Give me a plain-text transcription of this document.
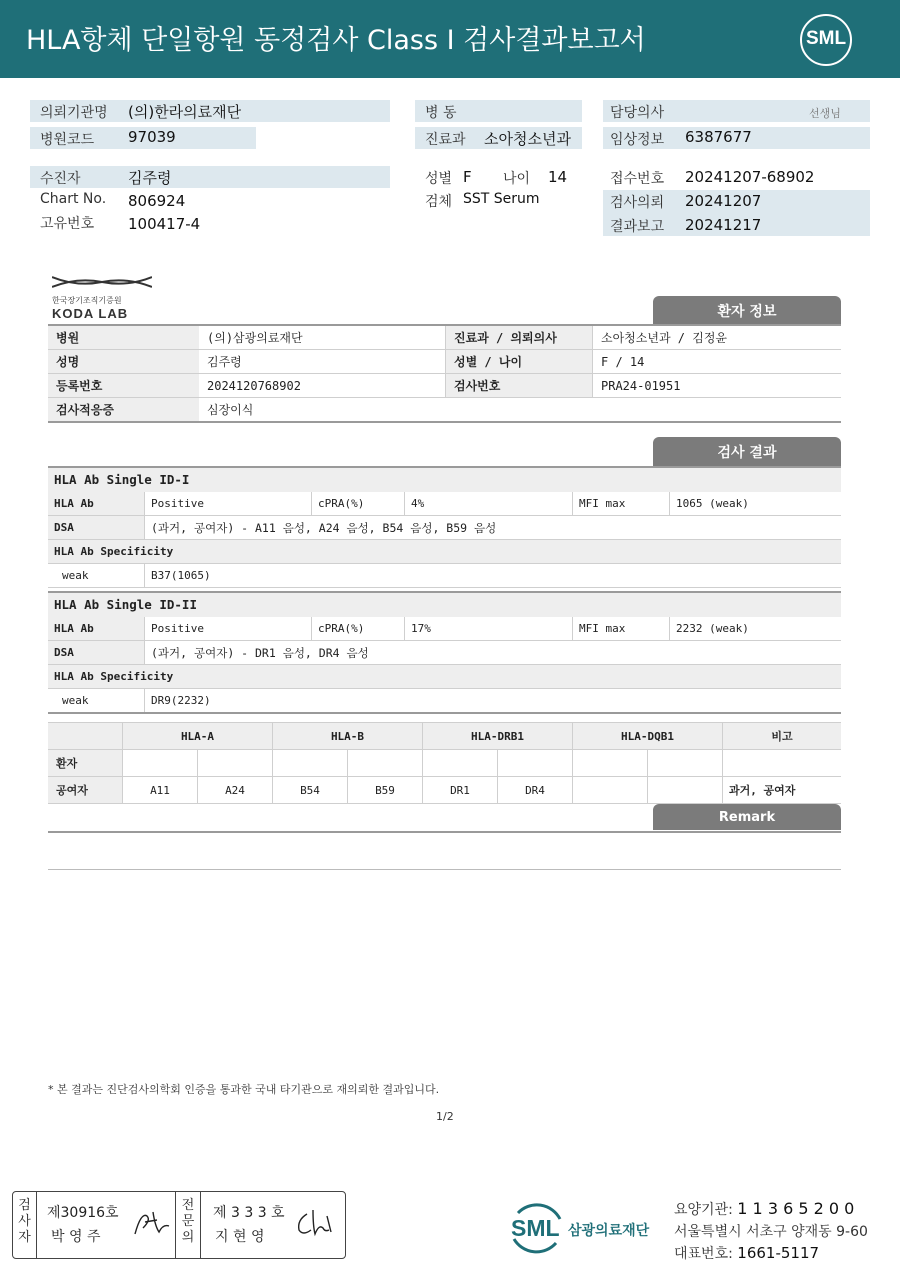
HLA항체 단일항원 동정검사 Class I 검사결과보고서	SML
의뢰기관명 (의)한라의료재단
병원코드 97039
수진자	김주령
Chart No. 806924
고유번호 100417-4
병 동
진료과 소아청소년과
성별 F 나이 14
검체 SST Serum
담당의사	선생님
임상정보 6387677
접수번호 20241207-68902
검사의뢰 20241207
결과보고 20241217
한국장기조직기증원
KODA LAB	환자 정보
병원	(의)삼광의료재단	진료과 / 의뢰의사	소아청소년과 / 김정윤
성명	김주령	성별 / 나이	F / 14
등록번호	2024120768902	검사번호	PRA24-01951
검사적응증	심장이식		
검사 결과
HLA Ab Single ID-I
HLA Ab	Positive	cPRA(%)	4%	MFI max	1065 (weak)
DSA	(과거, 공여자) - A11 음성, A24 음성, B54 음성, B59 음성				
HLA Ab Specificity					
weak	B37(1065)				
HLA Ab Single ID-II
HLA Ab	Positive	cPRA(%)	17%	MFI max	2232 (weak)
DSA	(과거, 공여자) - DR1 음성, DR4 음성				
HLA Ab Specificity					
weak	DR9(2232)				
	HLA-A		HLA-B		HLA-DRB1		HLA-DQB1		비고
환자									
공여자	A11	A24	B54	B59	DR1	DR4			과거, 공여자
Remark
* 본 결과는 진단검사의학회 인증을 통과한 국내 타기관으로 재의뢰한 결과입니다.
1/2
검사자
제30916호
박 영 주
전문의
제 3 3 3 호
지 현 영	SML 삼광의료재단
요양기관: 1 1 3 6 5 2 0 0
서울특별시 서초구 양재동 9-60
대표번호: 1661-5117
